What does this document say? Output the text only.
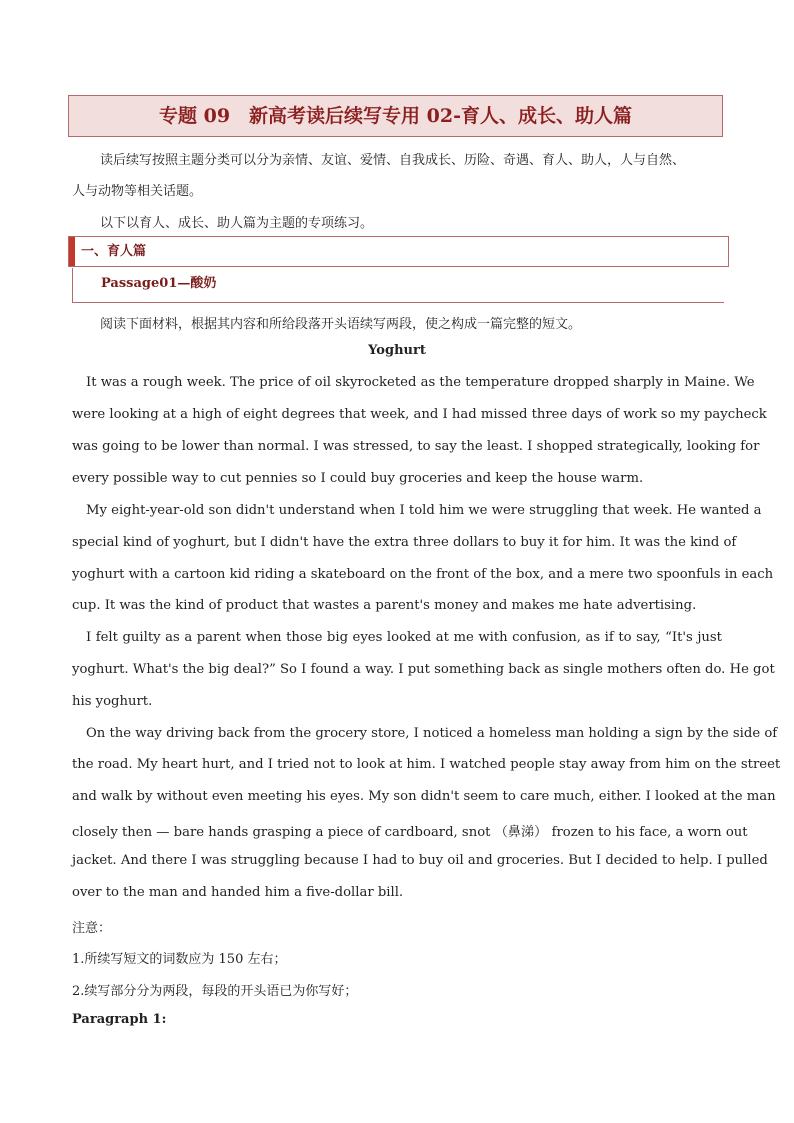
专题 09　新高考读后续写专用 02-育人、成长、助人篇
读后续写按照主题分类可以分为亲情、友谊、爱情、自我成长、历险、奇遇、育人、助人，人与自然、
人与动物等相关话题。
以下以育人、成长、助人篇为主题的专项练习。
一、育人篇
Passage01—酸奶
阅读下面材料，根据其内容和所给段落开头语续写两段，使之构成一篇完整的短文。
Yoghurt
It was a rough week. The price of oil skyrocketed as the temperature dropped sharply in Maine. We
were looking at a high of eight degrees that week, and I had missed three days of work so my paycheck
was going to be lower than normal. I was stressed, to say the least. I shopped strategically, looking for
every possible way to cut pennies so I could buy groceries and keep the house warm.
My eight-year-old son didn't understand when I told him we were struggling that week. He wanted a
special kind of yoghurt, but I didn't have the extra three dollars to buy it for him. It was the kind of
yoghurt with a cartoon kid riding a skateboard on the front of the box, and a mere two spoonfuls in each
cup. It was the kind of product that wastes a parent's money and makes me hate advertising.
I felt guilty as a parent when those big eyes looked at me with confusion, as if to say, “It's just
yoghurt. What's the big deal?” So I found a way. I put something back as single mothers often do. He got
his yoghurt.
On the way driving back from the grocery store, I noticed a homeless man holding a sign by the side of
the road. My heart hurt, and I tried not to look at him. I watched people stay away from him on the street
and walk by without even meeting his eyes. My son didn't seem to care much, either. I looked at the man
closely then — bare hands grasping a piece of cardboard, snot （鼻涕） frozen to his face, a worn out
jacket. And there I was struggling because I had to buy oil and groceries. But I decided to help. I pulled
over to the man and handed him a five-dollar bill.
注意：
1.所续写短文的词数应为 150 左右；
2.续写部分分为两段，每段的开头语已为你写好；
Paragraph 1:
